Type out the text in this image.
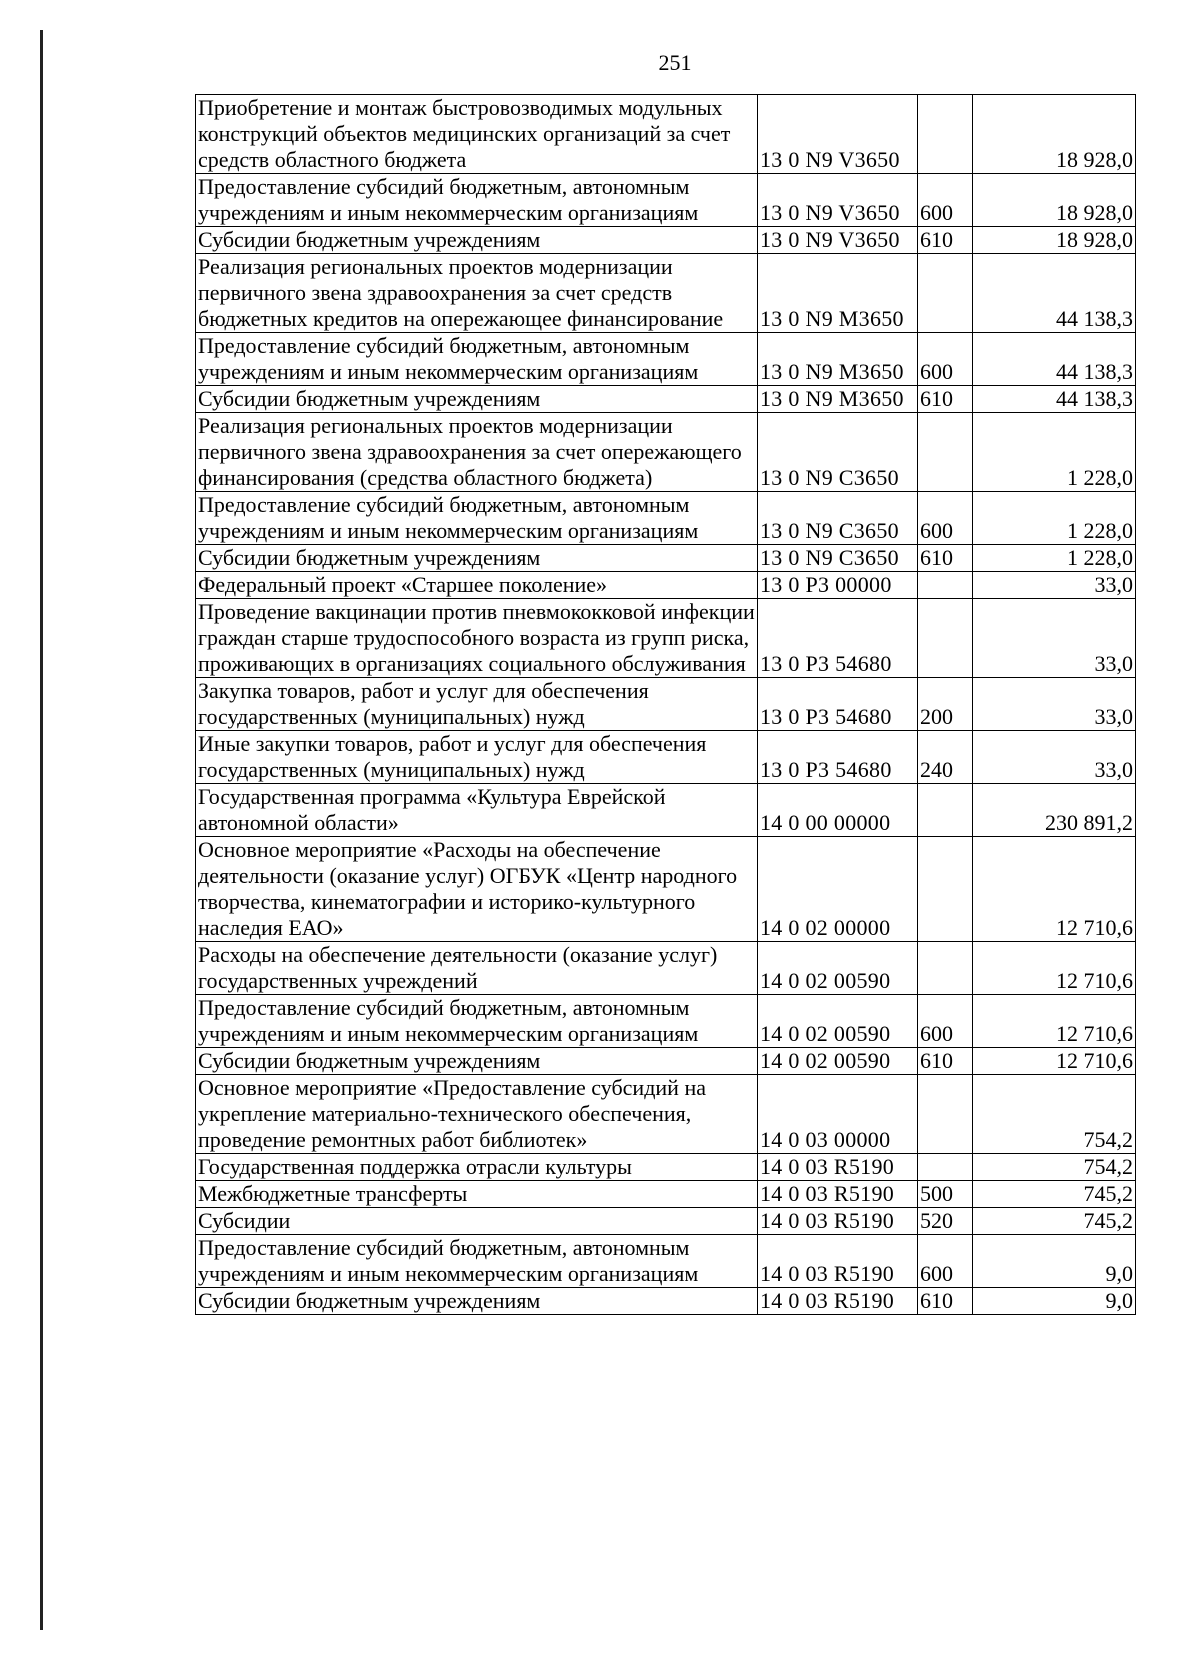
251
Приобретение и монтаж быстровозводимых модульных конструкций объектов медицинских организаций за счет средств областного бюджета	13 0 N9 V3650		18 928,0
Предоставление субсидий бюджетным, автономным учреждениям и иным некоммерческим организациям	13 0 N9 V3650	600	18 928,0
Субсидии бюджетным учреждениям	13 0 N9 V3650	610	18 928,0
Реализация региональных проектов модернизации первичного звена здравоохранения за счет средств бюджетных кредитов на опережающее финансирование	13 0 N9 M3650		44 138,3
Предоставление субсидий бюджетным, автономным учреждениям и иным некоммерческим организациям	13 0 N9 M3650	600	44 138,3
Субсидии бюджетным учреждениям	13 0 N9 M3650	610	44 138,3
Реализация региональных проектов модернизации первичного звена здравоохранения за счет опережающего финансирования (средства областного бюджета)	13 0 N9 C3650		1 228,0
Предоставление субсидий бюджетным, автономным учреждениям и иным некоммерческим организациям	13 0 N9 C3650	600	1 228,0
Субсидии бюджетным учреждениям	13 0 N9 C3650	610	1 228,0
Федеральный проект «Старшее поколение»	13 0 P3 00000		33,0
Проведение вакцинации против пневмококковой инфекции граждан старше трудоспособного возраста из групп риска, проживающих в организациях социального обслуживания	13 0 P3 54680		33,0
Закупка товаров, работ и услуг для обеспечения государственных (муниципальных) нужд	13 0 P3 54680	200	33,0
Иные закупки товаров, работ и услуг для обеспечения государственных (муниципальных) нужд	13 0 P3 54680	240	33,0
Государственная программа «Культура Еврейской автономной области»	14 0 00 00000		230 891,2
Основное мероприятие «Расходы на обеспечение деятельности (оказание услуг) ОГБУК «Центр народного творчества, кинематографии и историко-культурного наследия ЕАО»	14 0 02 00000		12 710,6
Расходы на обеспечение деятельности (оказание услуг) государственных учреждений	14 0 02 00590		12 710,6
Предоставление субсидий бюджетным, автономным учреждениям и иным некоммерческим организациям	14 0 02 00590	600	12 710,6
Субсидии бюджетным учреждениям	14 0 02 00590	610	12 710,6
Основное мероприятие «Предоставление субсидий на укрепление материально-технического обеспечения, проведение ремонтных работ библиотек»	14 0 03 00000		754,2
Государственная поддержка отрасли культуры	14 0 03 R5190		754,2
Межбюджетные трансферты	14 0 03 R5190	500	745,2
Субсидии	14 0 03 R5190	520	745,2
Предоставление субсидий бюджетным, автономным учреждениям и иным некоммерческим организациям	14 0 03 R5190	600	9,0
Субсидии бюджетным учреждениям	14 0 03 R5190	610	9,0
